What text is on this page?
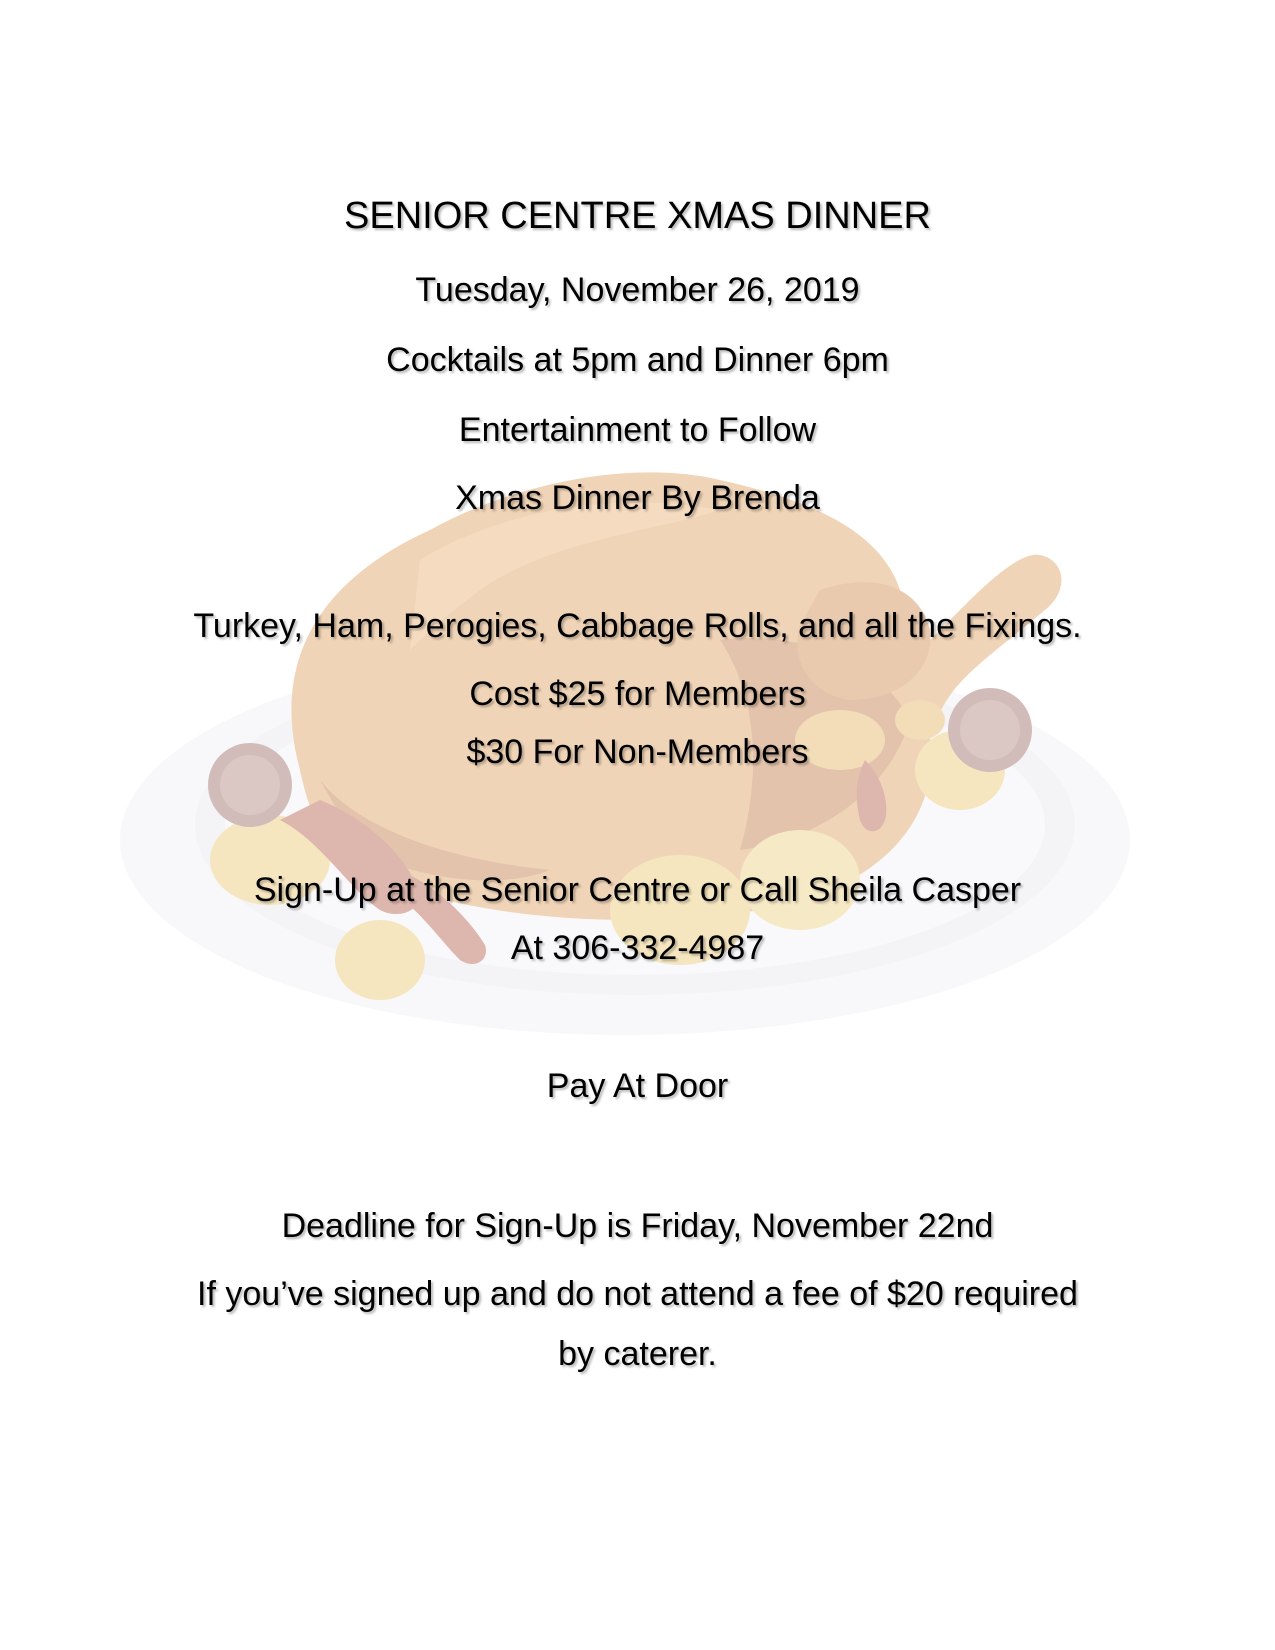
SENIOR CENTRE XMAS DINNER
Tuesday, November 26, 2019
Cocktails at 5pm and Dinner 6pm
Entertainment to Follow
Xmas Dinner By Brenda
Turkey, Ham, Perogies, Cabbage Rolls, and all the Fixings.
Cost $25 for Members
$30 For Non-Members
Sign-Up at the Senior Centre or Call Sheila Casper
At 306-332-4987
Pay At Door
Deadline for Sign-Up is Friday, November 22nd
If you’ve signed up and do not attend a fee of $20 required
by caterer.
